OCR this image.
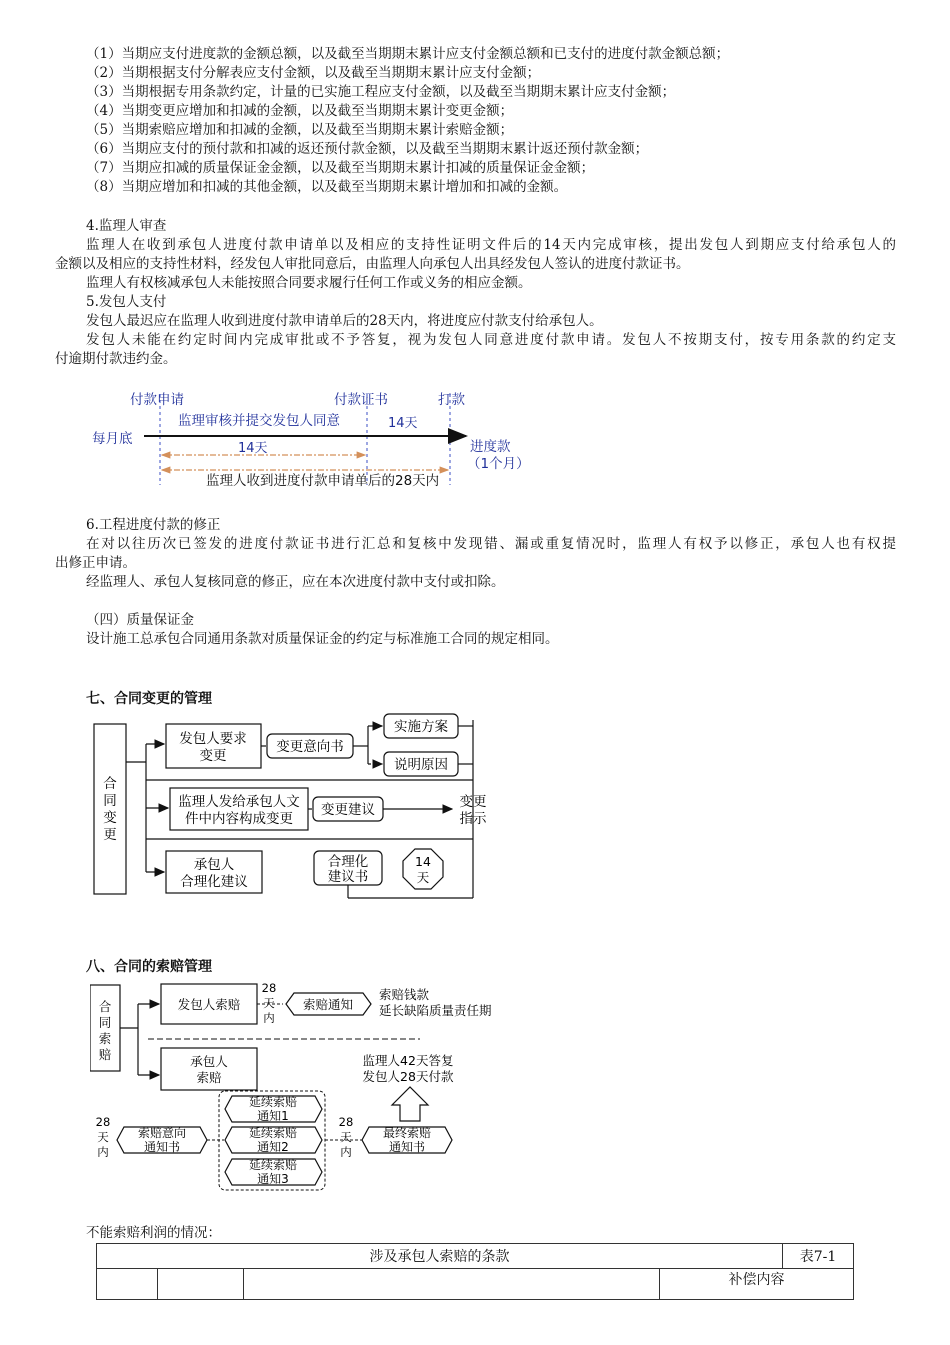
（1）当期应支付进度款的金额总额，以及截至当期期末累计应支付金额总额和已支付的进度付款金额总额；
（2）当期根据支付分解表应支付金额，以及截至当期期末累计应支付金额；
（3）当期根据专用条款约定，计量的已实施工程应支付金额，以及截至当期期末累计应支付金额；
（4）当期变更应增加和扣减的金额，以及截至当期期末累计变更金额；
（5）当期索赔应增加和扣减的金额，以及截至当期期末累计索赔金额；
（6）当期应支付的预付款和扣减的返还预付款金额，以及截至当期期末累计返还预付款金额；
（7）当期应扣减的质量保证金金额，以及截至当期期末累计扣减的质量保证金金额；
（8）当期应增加和扣减的其他金额，以及截至当期期末累计增加和扣减的金额。
4.监理人审查
监理人在收到承包人进度付款申请单以及相应的支持性证明文件后的14天内完成审核，提出发包人到期应支付给承包人的
金额以及相应的支持性材料，经发包人审批同意后，由监理人向承包人出具经发包人签认的进度付款证书。
监理人有权核减承包人未能按照合同要求履行任何工作或义务的相应金额。
5.发包人支付
发包人最迟应在监理人收到进度付款申请单后的28天内，将进度应付款支付给承包人。
发包人未能在约定时间内完成审批或不予答复，视为发包人同意进度付款申请。发包人不按期支付，按专用条款的约定支
付逾期付款违约金。
付款申请	付款证书	打款
监理审核并提交发包人同意	14天
每月底	进度款
（1个月）
14天
监理人收到进度付款申请单后的28天内
6.工程进度付款的修正
在对以往历次已签发的进度付款证书进行汇总和复核中发现错、漏或重复情况时，监理人有权予以修正，承包人也有权提
出修正申请。
经监理人、承包人复核同意的修正，应在本次进度付款中支付或扣除。
（四）质量保证金
设计施工总承包合同通用条款对质量保证金的约定与标准施工合同的规定相同。
七、合同变更的管理
合
同
变
更
发包人要求
变更
变更意向书
实施方案
说明原因
监理人发给承包人文
件中内容构成变更
变更建议	变更
指示
承包人
合理化建议
合理化
建议书
14
天
八、合同的索赔管理
合
同
索
赔
发包人索赔
28
天
内
索赔通知
索赔钱款
延长缺陷质量责任期
承包人
索赔
监理人42天答复
发包人28天付款
28
天
内
索赔意向
通知书
延续索赔
通知1
延续索赔
通知2
延续索赔
通知3
28
天
内
最终索赔
通知书
不能索赔利润的情况：
涉及承包人索赔的条款				表7-1
			补偿内容	
